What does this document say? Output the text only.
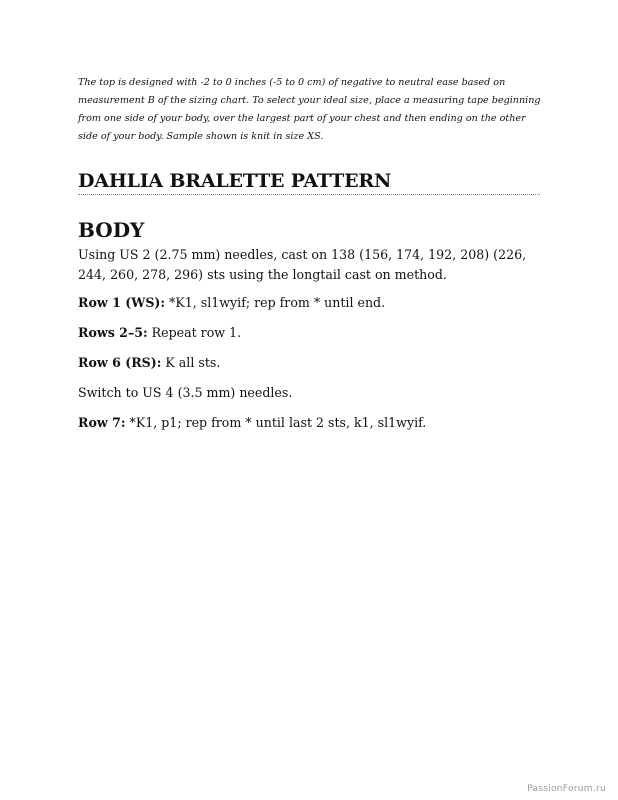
The top is designed with -2 to 0 inches (-5 to 0 cm) of negative to neutral ease based on measurement B of the sizing chart. To select your ideal size, place a measuring tape beginning from one side of your body, over the largest part of your chest and then ending on the other side of your body. Sample shown is knit in size XS.
DAHLIA BRALETTE PATTERN
BODY

Using US 2 (2.75 mm) needles, cast on 138 (156, 174, 192, 208) (226, 244, 260, 278, 296) sts using the longtail cast on method.

Row 1 (WS): *K1, sl1wyif; rep from * until end.

Rows 2–5: Repeat row 1.

Row 6 (RS): K all sts.

Switch to US 4 (3.5 mm) needles.

Row 7: *K1, p1; rep from * until last 2 sts, k1, sl1wyif.

PassionForum.ru
